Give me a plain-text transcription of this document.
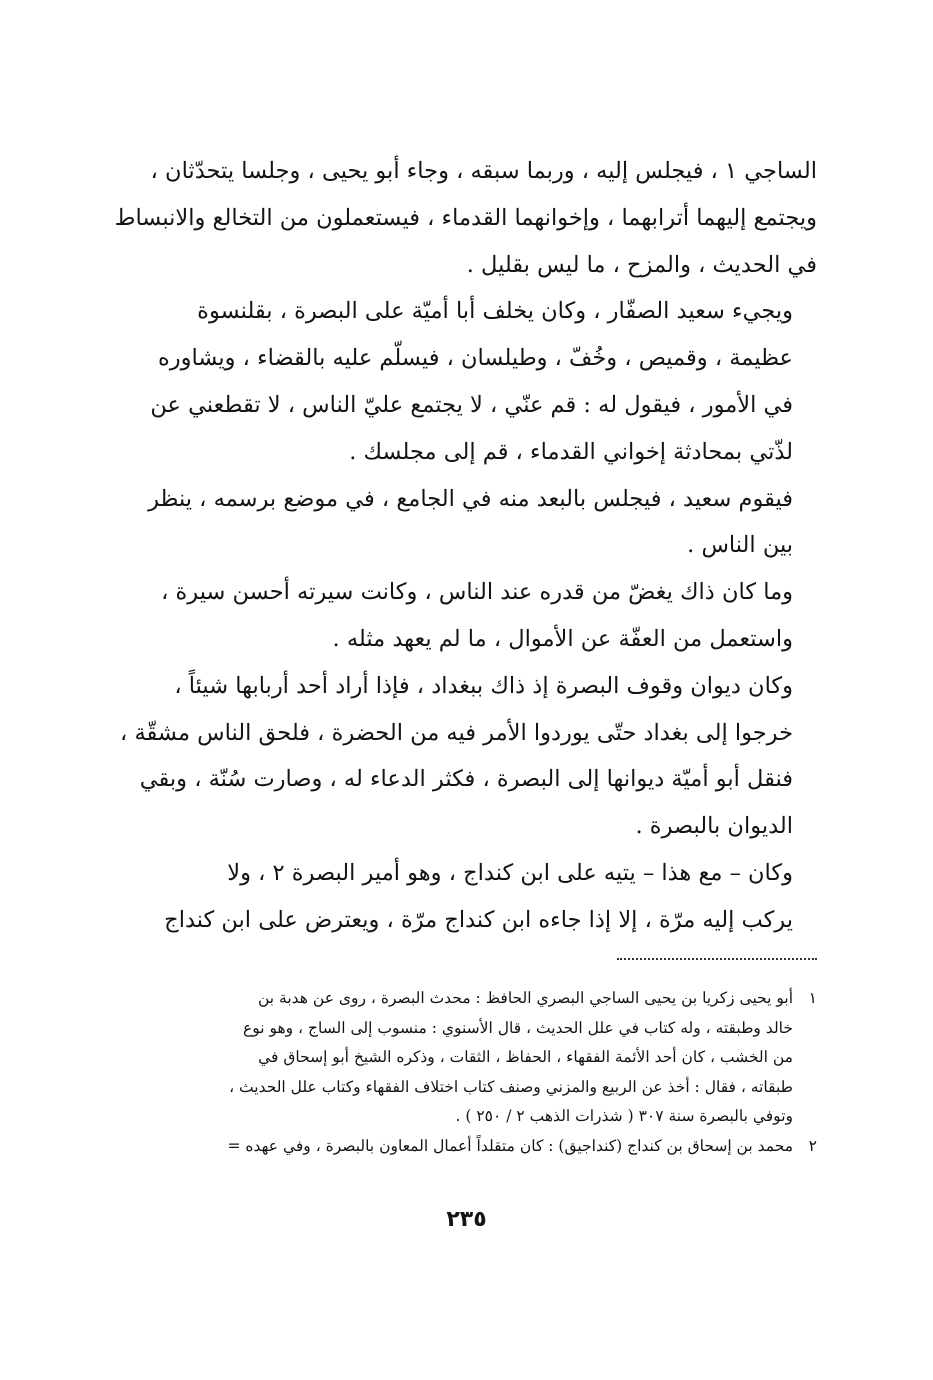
الساجي ١ ، فيجلس إليه ، وربما سبقه ، وجاء أبو يحيى ، وجلسا يتحدّثان ،
ويجتمع إليهما أترابهما ، وإخوانهما القدماء ، فيستعملون من التخالع والانبساط
في الحديث ، والمزح ، ما ليس بقليل .

ويجيء سعيد الصفّار ، وكان يخلف أبا أميّة على البصرة ، بقلنسوة
عظيمة ، وقميص ، وخُفّ ، وطيلسان ، فيسلّم عليه بالقضاء ، ويشاوره
في الأمور ، فيقول له : قم عنّي ، لا يجتمع عليّ الناس ، لا تقطعني عن
لذّتي بمحادثة إخواني القدماء ، قم إلى مجلسك .

فيقوم سعيد ، فيجلس بالبعد منه في الجامع ، في موضع برسمه ، ينظر
بين الناس .

وما كان ذاك يغضّ من قدره عند الناس ، وكانت سيرته أحسن سيرة ،
واستعمل من العفّة عن الأموال ، ما لم يعهد مثله .

وكان ديوان وقوف البصرة إذ ذاك ببغداد ، فإذا أراد أحد أربابها شيئاً ،
خرجوا إلى بغداد حتّى يوردوا الأمر فيه من الحضرة ، فلحق الناس مشقّة ،
فنقل أبو أميّة ديوانها إلى البصرة ، فكثر الدعاء له ، وصارت سُنّة ، وبقي
الديوان بالبصرة .

وكان – مع هذا – يتيه على ابن كنداج ، وهو أمير البصرة ٢ ، ولا
يركب إليه مرّة ، إلا إذا جاءه ابن كنداج مرّة ، ويعترض على ابن كنداج

١
أبو يحيى زكريا بن يحيى الساجي البصري الحافظ : محدث البصرة ، روى عن هدبة بن
خالد وطبقته ، وله كتاب في علل الحديث ، قال الأسنوي : منسوب إلى الساج ، وهو نوع
من الخشب ، كان أحد الأئمة الفقهاء ، الحفاظ ، الثقات ، وذكره الشيخ أبو إسحاق في
طبقاته ، فقال : أخذ عن الربيع والمزني وصنف كتاب اختلاف الفقهاء وكتاب علل الحديث ،
وتوفي بالبصرة سنة ٣٠٧ ( شذرات الذهب ٢ / ٢٥٠ ) .
٢
محمد بن إسحاق بن كنداج (كنداجيق) : كان متقلداً أعمال المعاون بالبصرة ، وفي عهده =
٢٣٥
